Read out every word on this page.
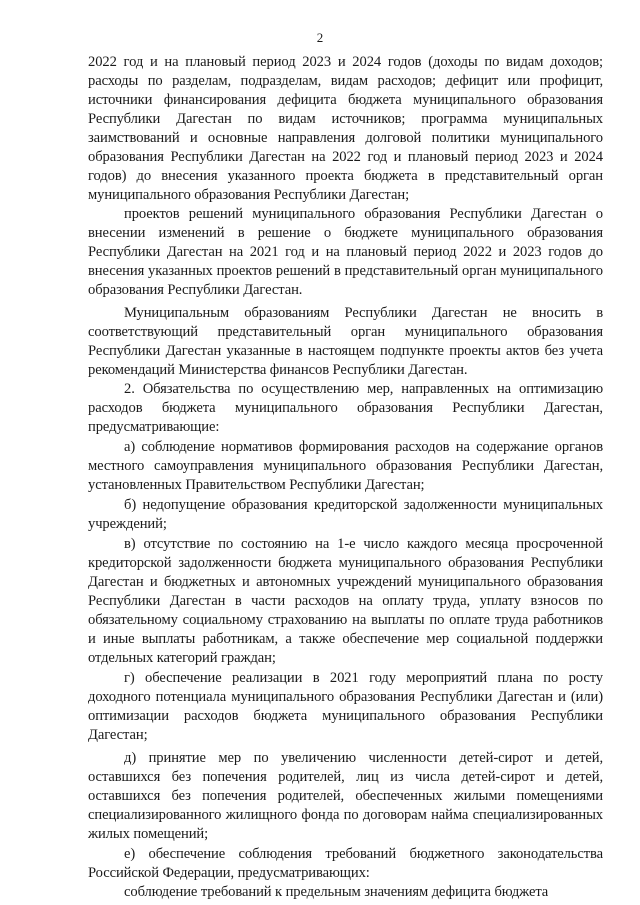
2

2022 год и на плановый период 2023 и 2024 годов (доходы по видам доходов; расходы по разделам, подразделам, видам расходов; дефицит или профицит, источники финансирования дефицита бюджета муниципального образования Республики Дагестан по видам источников; программа муниципальных заимствований и основные направления долговой политики муниципального образования Республики Дагестан на 2022 год и плановый период 2023 и 2024 годов) до внесения указанного проекта бюджета в представительный орган муниципального образования Республики Дагестан;

проектов решений муниципального образования Республики Дагестан о внесении изменений в решение о бюджете муниципального образования Республики Дагестан на 2021 год и на плановый период 2022 и 2023 годов до внесения указанных проектов решений в представительный орган муниципального образования Республики Дагестан.

Муниципальным образованиям Республики Дагестан не вносить в соответствующий представительный орган муниципального образования Республики Дагестан указанные в настоящем подпункте проекты актов без учета рекомендаций Министерства финансов Республики Дагестан.

2. Обязательства по осуществлению мер, направленных на оптимизацию расходов бюджета муниципального образования Республики Дагестан, предусматривающие:

а) соблюдение нормативов формирования расходов на содержание органов местного самоуправления муниципального образования Республики Дагестан, установленных Правительством Республики Дагестан;

б) недопущение образования кредиторской задолженности муниципальных учреждений;

в) отсутствие по состоянию на 1-е число каждого месяца просроченной кредиторской задолженности бюджета муниципального образования Республики Дагестан и бюджетных и автономных учреждений муниципального образования Республики Дагестан в части расходов на оплату труда, уплату взносов по обязательному социальному страхованию на выплаты по оплате труда работников и иные выплаты работникам, а также обеспечение мер социальной поддержки отдельных категорий граждан;

г) обеспечение реализации в 2021 году мероприятий плана по росту доходного потенциала муниципального образования Республики Дагестан и (или) оптимизации расходов бюджета муниципального образования Республики Дагестан;

д) принятие мер по увеличению численности детей-сирот и детей, оставшихся без попечения родителей, лиц из числа детей-сирот и детей, оставшихся без попечения родителей, обеспеченных жилыми помещениями специализированного жилищного фонда по договорам найма специализированных жилых помещений;

е) обеспечение соблюдения требований бюджетного законодательства Российской Федерации, предусматривающих:

соблюдение требований к предельным значениям дефицита бюджета
